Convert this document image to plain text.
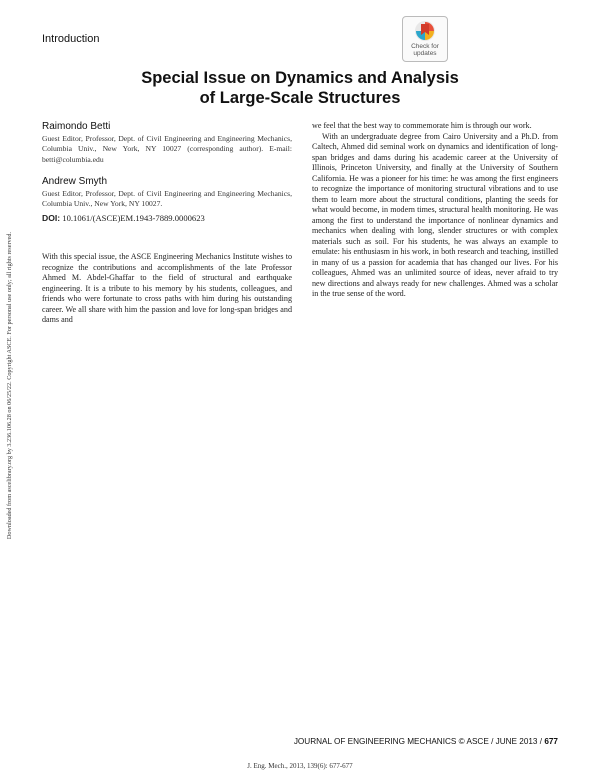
Introduction
Check for
updates
Special Issue on Dynamics and Analysis
of Large-Scale Structures
Raimondo Betti
Guest Editor, Professor, Dept. of Civil Engineering and Engineering Mechanics, Columbia Univ., New York, NY 10027 (corresponding author). E-mail: betti@columbia.edu
Andrew Smyth
Guest Editor, Professor, Dept. of Civil Engineering and Engineering Mechanics, Columbia Univ., New York, NY 10027.
DOI: 10.1061/(ASCE)EM.1943-7889.0000623

With this special issue, the ASCE Engineering Mechanics Institute wishes to recognize the contributions and accomplishments of the late Professor Ahmed M. Abdel-Ghaffar to the field of structural and earthquake engineering. It is a tribute to his memory by his students, colleagues, and friends who were fortunate to cross paths with him during his outstanding career. We all share with him the passion and love for long-span bridges and dams and

we feel that the best way to commemorate him is through our work.

With an undergraduate degree from Cairo University and a Ph.D. from Caltech, Ahmed did seminal work on dynamics and identification of long-span bridges and dams during his academic career at the University of Illinois, Princeton University, and finally at the University of Southern California. He was a pioneer for his time: he was among the first engineers to recognize the importance of monitoring structural vibrations and to use them to learn more about the structural conditions, planting the seeds for what would become, in modern times, structural health monitoring. He was among the first to understand the importance of nonlinear dynamics and mechanics when dealing with long, slender structures or with complex materials such as soil. For his students, he was always an example to emulate: his enthusiasm in his work, in both research and teaching, instilled in many of us a passion for academia that has changed our lives. For his colleagues, Ahmed was an unlimited source of ideas, never afraid to try new directions and always ready for new challenges. Ahmed was a scholar in the true sense of the word.

Downloaded from ascelibrary.org by 3.236.106.28 on 06/25/22. Copyright ASCE. For personal use only; all rights reserved.
JOURNAL OF ENGINEERING MECHANICS © ASCE / JUNE 2013 / 677
J. Eng. Mech., 2013, 139(6): 677-677
